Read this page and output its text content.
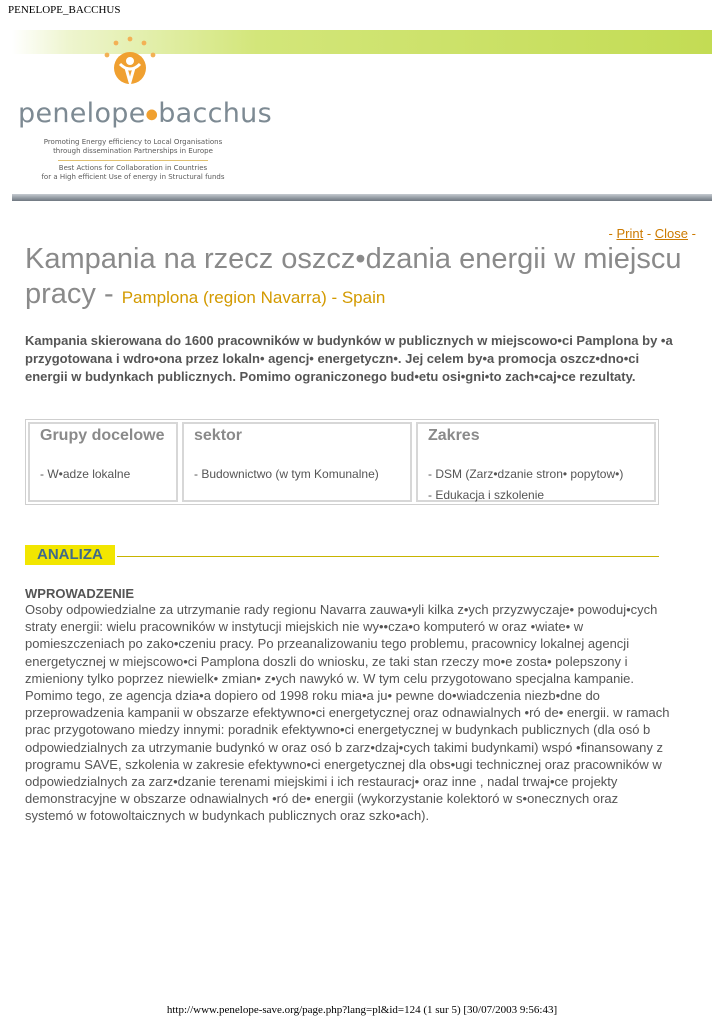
PENELOPE_BACCHUS
penelope●bacchus
Promoting Energy efficiency to Local Organisations
through dissemination Partnerships in Europe
Best Actions for Collaboration in Countries
for a High efficient Use of energy in Structural funds
- Print - Close -
Kampania na rzecz oszcz•dzania energii w miejscu pracy - Pamplona (region Navarra) - Spain
Kampania skierowana do 1600 pracowników w budynków w publicznych w miejscowo•ci Pamplona by •a przygotowana i wdro•ona przez lokaln• agencj• energetyczn•. Jej celem by•a promocja oszcz•dno•ci energii w budynkach publicznych. Pomimo ograniczonego bud•etu osi•gni•to zach•caj•ce rezultaty.
Grupy docelowe
- W•adze lokalne
sektor
- Budownictwo (w tym Komunalne)
Zakres
- DSM (Zarz•dzanie stron• popytow•)
- Edukacja i szkolenie
ANALIZA
WPROWADZENIE
Osoby odpowiedzialne za utrzymanie rady regionu Navarra zauwa•yli kilka z•ych przyzwyczaje• powoduj•cych straty energii: wielu pracowników w instytucji miejskich nie wy••cza•o komputeró w oraz •wiate• w pomieszczeniach po zako•czeniu pracy. Po przeanalizowaniu tego problemu, pracownicy lokalnej agencji energetycznej w miejscowo•ci Pamplona doszli do wniosku, ze taki stan rzeczy mo•e zosta• polepszony i zmieniony tylko poprzez niewielk• zmian• z•ych nawykó w. W tym celu przygotowano specjalna kampanie. Pomimo tego, ze agencja dzia•a dopiero od 1998 roku mia•a ju• pewne do•wiadczenia niezb•dne do przeprowadzenia kampanii w obszarze efektywno•ci energetycznej oraz odnawialnych •ró de• energii. w ramach prac przygotowano miedzy innymi: poradnik efektywno•ci energetycznej w budynkach publicznych (dla osó b odpowiedzialnych za utrzymanie budynkó w oraz osó b zarz•dzaj•cych takimi budynkami) wspó •finansowany z programu SAVE, szkolenia w zakresie efektywno•ci energetycznej dla obs•ugi technicznej oraz pracowników w odpowiedzialnych za zarz•dzanie terenami miejskimi i ich restauracj• oraz inne , nadal trwaj•ce projekty demonstracyjne w obszarze odnawialnych •ró de• energii (wykorzystanie kolektoró w s•onecznych oraz systemó w fotowoltaicznych w budynkach publicznych oraz szko•ach).
http://www.penelope-save.org/page.php?lang=pl&id=124 (1 sur 5) [30/07/2003 9:56:43]
